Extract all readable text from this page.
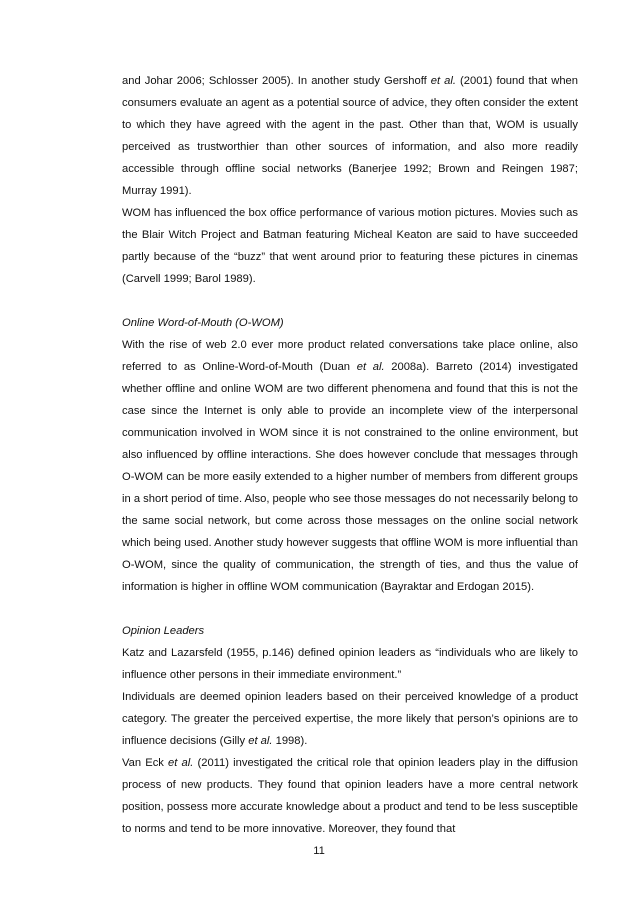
and Johar 2006; Schlosser 2005). In another study Gershoff et al. (2001) found that when consumers evaluate an agent as a potential source of advice, they often consider the extent to which they have agreed with the agent in the past. Other than that, WOM is usually perceived as trustworthier than other sources of information, and also more readily accessible through offline social networks (Banerjee 1992; Brown and Reingen 1987; Murray 1991).
WOM has influenced the box office performance of various motion pictures. Movies such as the Blair Witch Project and Batman featuring Micheal Keaton are said to have succeeded partly because of the “buzz” that went around prior to featuring these pictures in cinemas (Carvell 1999; Barol 1989).
Online Word-of-Mouth (O-WOM)
With the rise of web 2.0 ever more product related conversations take place online, also referred to as Online-Word-of-Mouth (Duan et al. 2008a). Barreto (2014) investigated whether offline and online WOM are two different phenomena and found that this is not the case since the Internet is only able to provide an incomplete view of the interpersonal communication involved in WOM since it is not constrained to the online environment, but also influenced by offline interactions. She does however conclude that messages through O-WOM can be more easily extended to a higher number of members from different groups in a short period of time. Also, people who see those messages do not necessarily belong to the same social network, but come across those messages on the online social network which being used. Another study however suggests that offline WOM is more influential than O-WOM, since the quality of communication, the strength of ties, and thus the value of information is higher in offline WOM communication (Bayraktar and Erdogan 2015).
Opinion Leaders
Katz and Lazarsfeld (1955, p.146) defined opinion leaders as “individuals who are likely to influence other persons in their immediate environment.”
Individuals are deemed opinion leaders based on their perceived knowledge of a product category. The greater the perceived expertise, the more likely that person’s opinions are to influence decisions (Gilly et al. 1998).
Van Eck et al. (2011) investigated the critical role that opinion leaders play in the diffusion process of new products. They found that opinion leaders have a more central network position, possess more accurate knowledge about a product and tend to be less susceptible to norms and tend to be more innovative. Moreover, they found that
11
